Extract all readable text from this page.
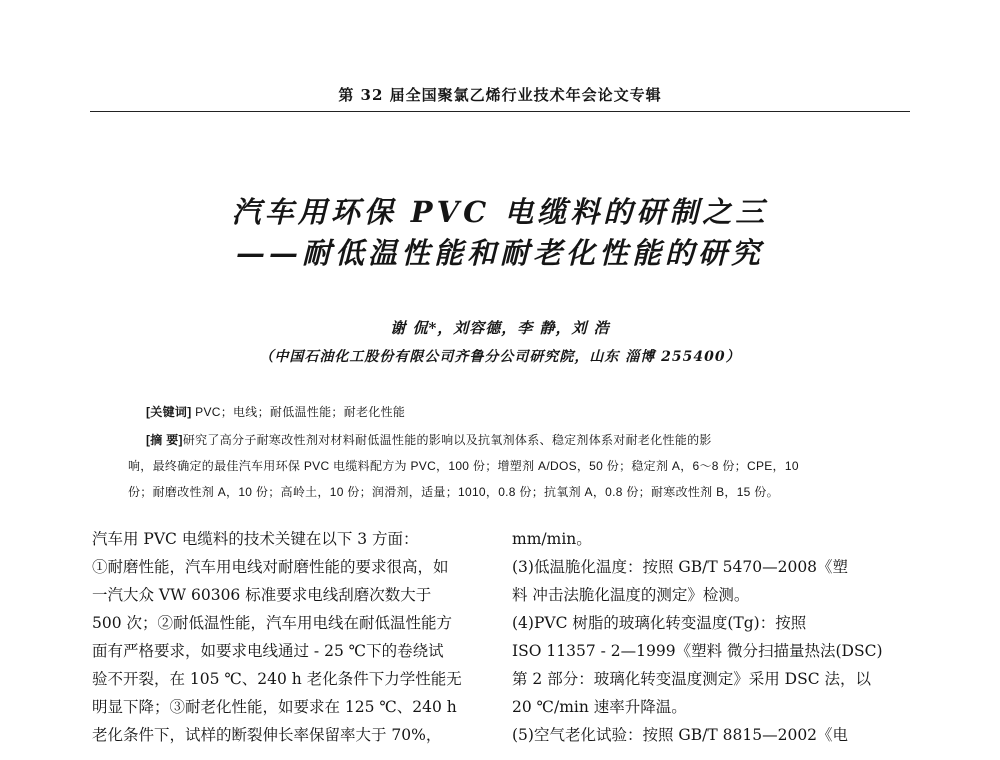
第 32 届全国聚氯乙烯行业技术年会论文专辑
汽车用环保 PVC 电缆料的研制之三
——耐低温性能和耐老化性能的研究
谢 侃*，刘容德，李 静，刘 浩
（中国石油化工股份有限公司齐鲁分公司研究院，山东 淄博 255400）
[关键词] PVC；电线；耐低温性能；耐老化性能
[摘 要]研究了高分子耐寒改性剂对材料耐低温性能的影响以及抗氧剂体系、稳定剂体系对耐老化性能的影
响，最终确定的最佳汽车用环保 PVC 电缆料配方为 PVC，100 份；增塑剂 A/DOS，50 份；稳定剂 A，6～8 份；CPE，10
份；耐磨改性剂 A，10 份；高岭土，10 份；润滑剂，适量；1010，0.8 份；抗氧剂 A，0.8 份；耐寒改性剂 B，15 份。
汽车用 PVC 电缆料的技术关键在以下 3 方面：
①耐磨性能，汽车用电线对耐磨性能的要求很高，如
一汽大众 VW 60306 标准要求电线刮磨次数大于
500 次；②耐低温性能，汽车用电线在耐低温性能方
面有严格要求，如要求电线通过 - 25 ℃下的卷绕试
验不开裂，在 105 ℃、240 h 老化条件下力学性能无
明显下降；③耐老化性能，如要求在 125 ℃、240 h
老化条件下，试样的断裂伸长率保留率大于 70%，
mm/min。
(3)低温脆化温度：按照 GB/T 5470—2008《塑
料 冲击法脆化温度的测定》检测。
(4)PVC 树脂的玻璃化转变温度(Tg)：按照
ISO 11357 - 2—1999《塑料 微分扫描量热法(DSC)
第 2 部分：玻璃化转变温度测定》采用 DSC 法，以
20 ℃/min 速率升降温。
(5)空气老化试验：按照 GB/T 8815—2002《电
